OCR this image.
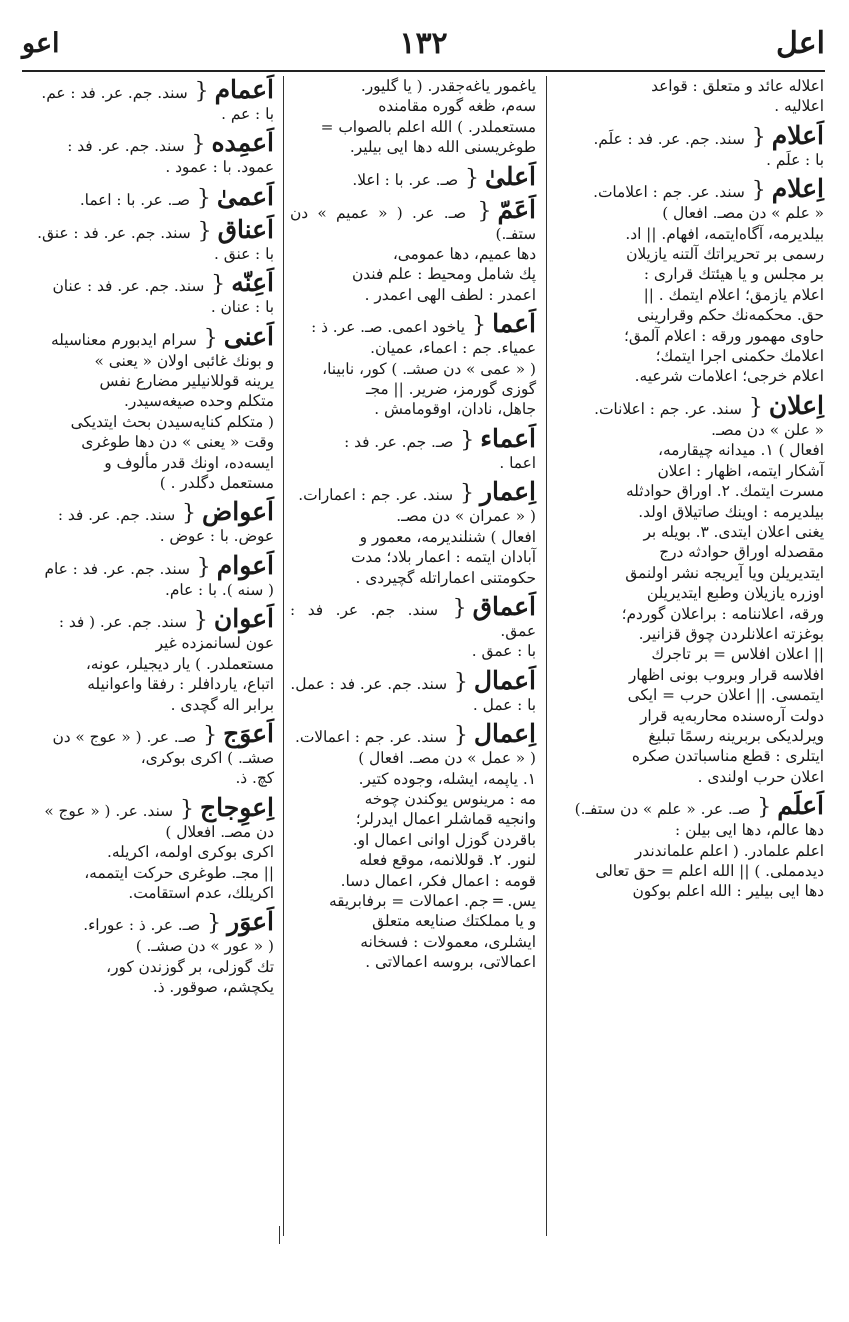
اعل
١٣٢
اعو
اعلاله عائد و متعلق : قواعد
اعلاليه .
اَعلام{ سند. جم. عر. فد : علَم.
با : علَم .
اِعلام{ سند. عر. جم : اعلامات.
« علم » دن مصـ. افعال )
بيلديرمه، آگاه‌ايتمه، افهام. || اد.
رسمى بر تحريراتك آلتنه يازيلان
بر مجلس و يا هيئتك قرارى :
اعلام يازمق؛ اعلام ايتمك . ||
حق. محكمه‌نك حكم وقرارينى
حاوى مهمور ورقه : اعلام آلمق؛
اعلامك حكمنى اجرا ايتمك؛
اعلام خرجى؛ اعلامات شرعيه.
اِعلان{ سند. عر. جم : اعلانات.
« علن » دن مصـ.
افعال ) ١. ميدانه چيقارمه،
آشكار ايتمه، اظهار : اعلان
مسرت ايتمك. ٢. اوراق حوادثله
بيلديرمه : اوينك صاتيلاق اولد.
يغنى اعلان ايتدى. ٣. بويله بر
مقصدله اوراق حوادثه درج
ايتديريلن ويا آيريجه نشر اولنمق
اوزره يازيلان وطبع ايتديريلن
ورقه، اعلاننامه : براعلان گوردم؛
بوغزته اعلانلردن چوق قزانير.
|| اعلان افلاس = بر تاجرك
افلاسه قرار وبروب بونى اظهار
ايتمسى. || اعلان حرب = ايكى
دولت آره‌سنده محاربه‌يه قرار
ويرلديكى بربرينه رسمًا تبليغ
ايتلرى : قطع مناسباتدن صكره
اعلان حرب اولندى .
اَعلَم{ صـ. عر. « علم » دن ستفـ.)
دها عالم، دها ايى بيلن :
اعلم علمادر. ( اعلم علماندندر
ديدمملى. ) || الله اعلم = حق تعالى
دها ايى بيلير : الله اعلم بوكون
ياغمور ياغه‌جقدر. ( يا گليور.
سه‌م، ظغه گوره مقامنده
مستعملدر. ) الله اعلم بالصواب =
طوغريسنى الله دها ايى بيلير.
اَعلىٰ{ صـ. عر. با : اعلا.
اَعَمّ{ صـ. عر. ( « عميم » دن ستفـ.)
دها عميم، دها عمومى،
پك شامل ومحيط : علم فندن
اعمدر : لطف الهى اعمدر .
اَعما{ ياخود اعمى. صـ. عر. ذ :
عمياء. جم : اعماء، عميان.
( « عمى » دن صشـ. ) كور، نابينا،
گوزى گورمز، ضرير. || مجـ
جاهل، نادان، اوقومامش .
اَعماء{ صـ. جم. عر. فد :
اعما .
اِعمار{ سند. عر. جم : اعمارات.
( « عمران » دن مصـ.
افعال ) شنلنديرمه، معمور و
آبادان ايتمه : اعمار بلاد؛ مدت
حكومتنى اعماراتله گچيردى .
اَعماق{ سند. جم. عر. فد : عمق.
با : عمق .
اَعمال{ سند. جم. عر. فد : عمل.
با : عمل .
اِعمال{ سند. عر. جم : اعمالات.
( « عمل » دن مصـ. افعال )
١. ياپمه، ايشله، وجوده كتير.
مه : مرينوس يوكندن چوخه
وانجيه قماشلر اعمال ايدرلر؛
باقردن گوزل اوانى اعمال او.
لنور. ٢. قوللانمه، موقع فعله
قومه : اعمال فكر، اعمال دسا.
يس. ═ جم. اعمالات = برفابريقه
و يا مملكتك صنايعه متعلق
ايشلرى، معمولات : فسخانه
اعمالاتى، بروسه اعمالاتى .
اَعمام{ سند. جم. عر. فد : عم.
با : عم .
اَعمِده{ سند. جم. عر. فد :
عمود. با : عمود .
اَعمىٰ{ صـ. عر. با : اعما.
اَعناق{ سند. جم. عر. فد : عنق.
با : عنق .
اَعِنّه{ سند. جم. عر. فد : عنان
با : عنان .
اَعنى{ سرام ايدبورم معناسيله
و بونك غائبى اولان « يعنى »
يرينه قوللانيلير مضارع نفس
متكلم وحده صيغه‌سيدر.
( متكلم كنايه‌سيدن بحث ايتديكى
وقت « يعنى » دن دها طوغرى
ايسه‌ده، اونك قدر مألوف و
مستعمل دگلدر . )
اَعواض{ سند. جم. عر. فد :
عوض. با : عوض .
اَعوام{ سند. جم. عر. فد : عام
( سنه ). با : عام.
اَعوان{ سند. جم. عر. ( فد :
عون لسانمزده غير
مستعملدر. ) يار ديجيلر، عونه،
اتباع، ياردافلر : رفقا واعوانيله
برابر اله گچدى .
اَعوَج{ صـ. عر. ( « عوج » دن
صشـ. ) اكرى بوكرى،
كچ. ذ.
اِعوِجاج{ سند. عر. ( « عوج »
دن مصـ. افعلال )
اكرى بوكرى اولمه، اكريله.
|| مجـ. طوغرى حركت ايتممه،
اكريلك، عدم استقامت.
اَعوَر{ صـ. عر. ذ : عوراء.
( « عور » دن صشـ. )
تك گوزلى، بر گوزندن كور،
يكچشم، صوقور. ذ.
